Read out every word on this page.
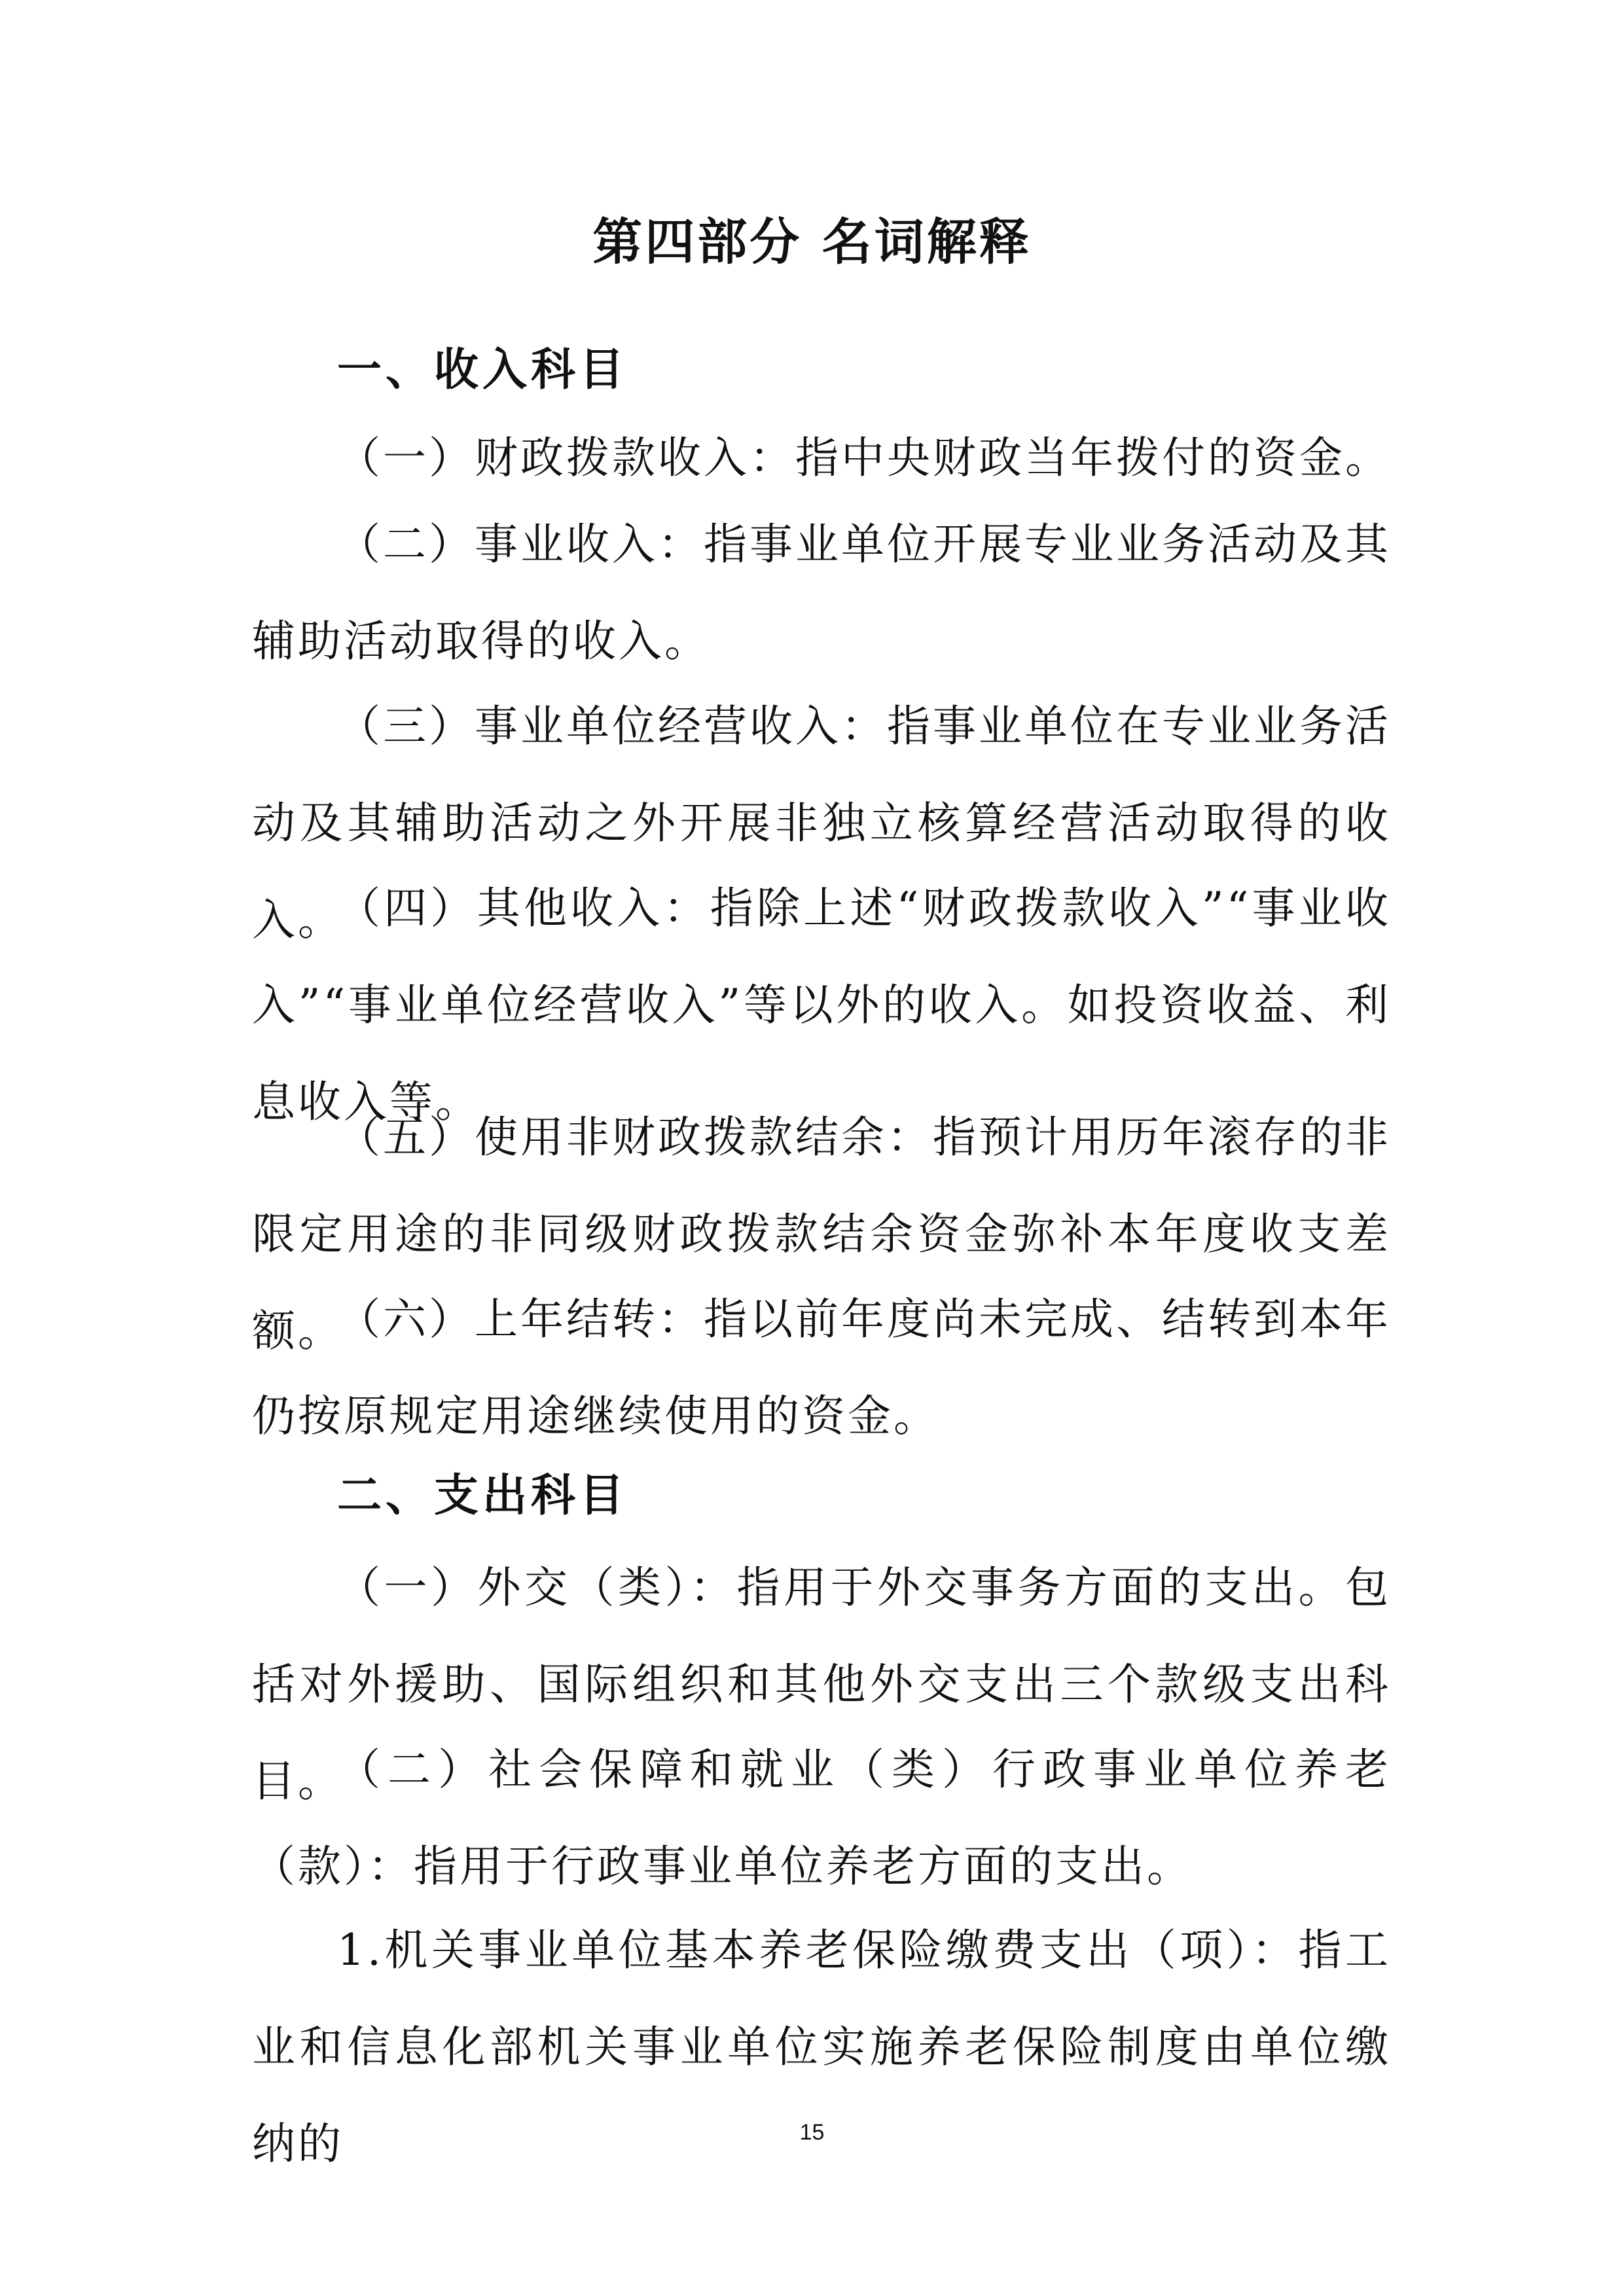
第四部分 名词解释
一、收入科目
（一）财政拨款收入：指中央财政当年拨付的资金。
（二）事业收入：指事业单位开展专业业务活动及其辅助活动取得的收入。
（三）事业单位经营收入：指事业单位在专业业务活动及其辅助活动之外开展非独立核算经营活动取得的收入。
（四）其他收入：指除上述“财政拨款收入”“事业收入”“事业单位经营收入”等以外的收入。如投资收益、利息收入等。
（五）使用非财政拨款结余：指预计用历年滚存的非限定用途的非同级财政拨款结余资金弥补本年度收支差额。
（六）上年结转：指以前年度尚未完成、结转到本年仍按原规定用途继续使用的资金。
二、支出科目
（一）外交（类）：指用于外交事务方面的支出。包括对外援助、国际组织和其他外交支出三个款级支出科目。
（二）社会保障和就业（类）行政事业单位养老（款）：指用于行政事业单位养老方面的支出。
1.机关事业单位基本养老保险缴费支出（项）：指工业和信息化部机关事业单位实施养老保险制度由单位缴纳的	15
